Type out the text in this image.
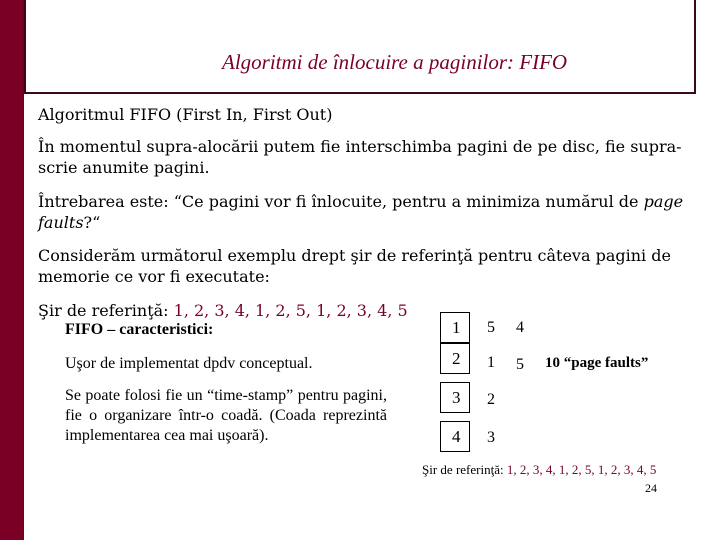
Algoritmi de înlocuire a paginilor: FIFO
Algoritmul FIFO (First In, First Out)
În momentul supra-alocării putem fie interschimba pagini de pe disc, fie supra-scrie anumite pagini.
Întrebarea este: “Ce pagini vor fi înlocuite, pentru a minimiza numărul de page faults?“
Considerăm următorul exemplu drept şir de referinţă pentru câteva pagini de memorie ce vor fi executate:
Şir de referinţă: 1, 2, 3, 4, 1, 2, 5, 1, 2, 3, 4, 5
FIFO – caracteristici:
Uşor de implementat dpdv conceptual.
Se poate folosi fie un “time-stamp” pentru pagini, fie o organizare într-o coadă. (Coada reprezintă implementarea cea mai uşoară).
1
2
3
4
5
1
2
3
4
5 10 “page faults”
Şir de referinţă: 1, 2, 3, 4, 1, 2, 5, 1, 2, 3, 4, 5
24
